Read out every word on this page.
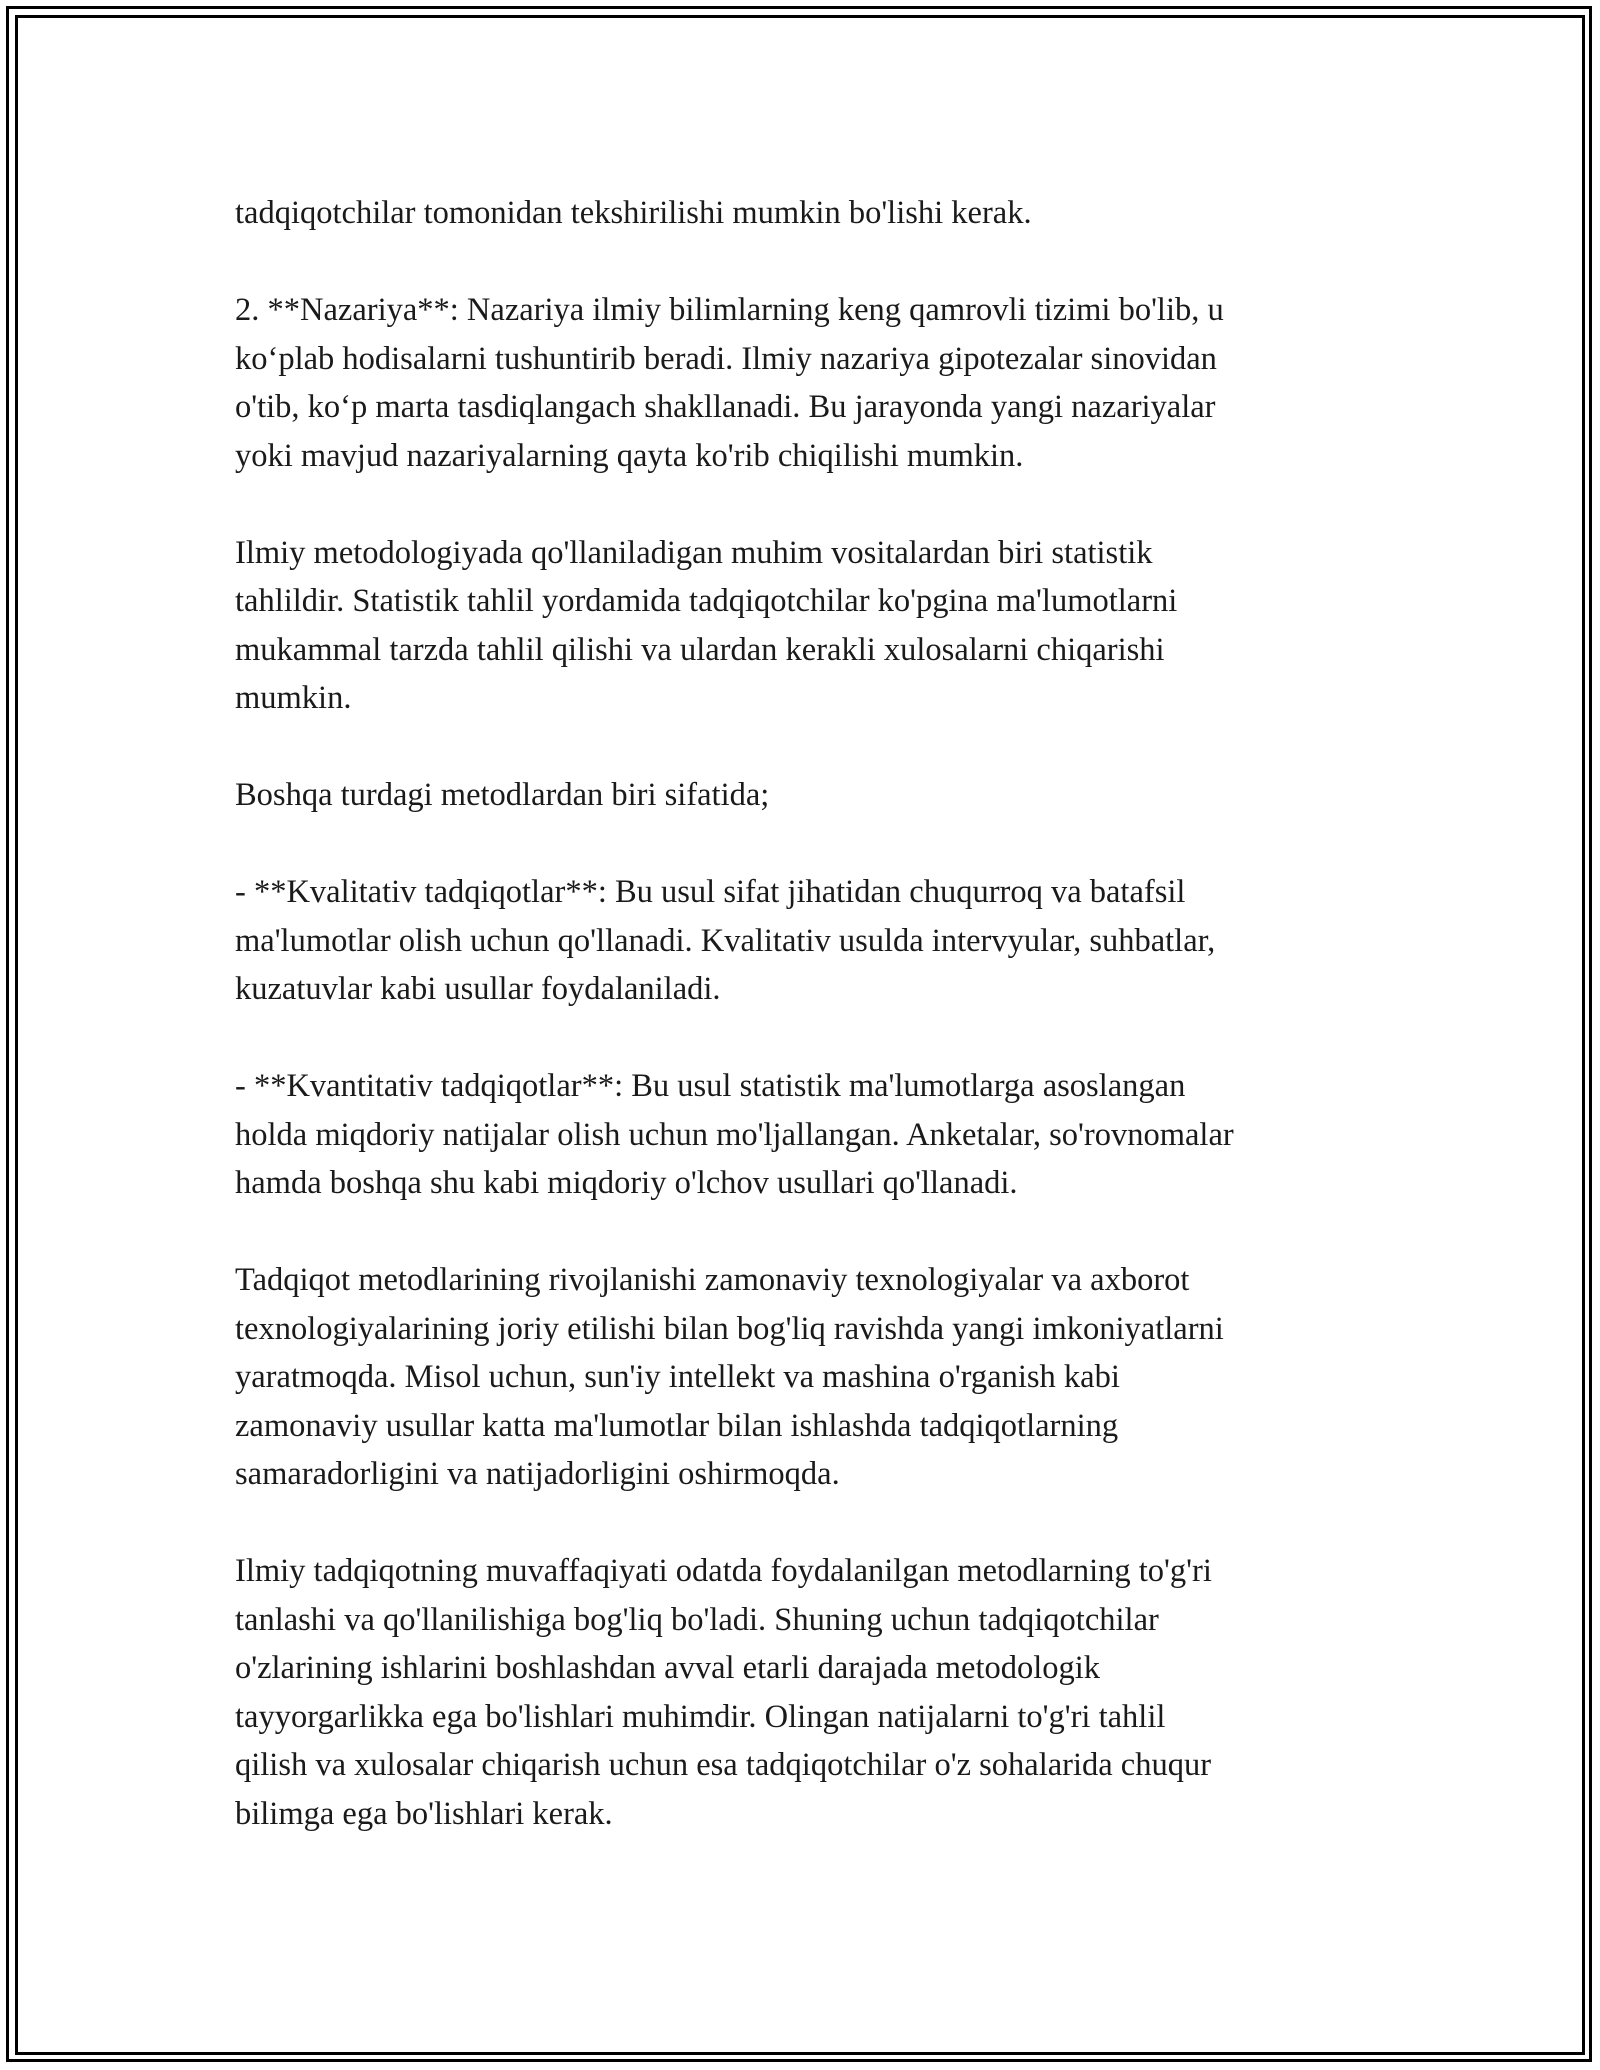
tadqiqotchilar tomonidan tekshirilishi mumkin bo'lishi kerak.

2. **Nazariya**: Nazariya ilmiy bilimlarning keng qamrovli tizimi bo'lib, u
ko‘plab hodisalarni tushuntirib beradi. Ilmiy nazariya gipotezalar sinovidan
o'tib, ko‘p marta tasdiqlangach shakllanadi. Bu jarayonda yangi nazariyalar
yoki mavjud nazariyalarning qayta ko'rib chiqilishi mumkin.

Ilmiy metodologiyada qo'llaniladigan muhim vositalardan biri statistik
tahlildir. Statistik tahlil yordamida tadqiqotchilar ko'pgina ma'lumotlarni
mukammal tarzda tahlil qilishi va ulardan kerakli xulosalarni chiqarishi
mumkin.

Boshqa turdagi metodlardan biri sifatida;

- **Kvalitativ tadqiqotlar**: Bu usul sifat jihatidan chuqurroq va batafsil
ma'lumotlar olish uchun qo'llanadi. Kvalitativ usulda intervyular, suhbatlar,
kuzatuvlar kabi usullar foydalaniladi.

- **Kvantitativ tadqiqotlar**: Bu usul statistik ma'lumotlarga asoslangan
holda miqdoriy natijalar olish uchun mo'ljallangan. Anketalar, so'rovnomalar
hamda boshqa shu kabi miqdoriy o'lchov usullari qo'llanadi.

Tadqiqot metodlarining rivojlanishi zamonaviy texnologiyalar va axborot
texnologiyalarining joriy etilishi bilan bog'liq ravishda yangi imkoniyatlarni
yaratmoqda. Misol uchun, sun'iy intellekt va mashina o'rganish kabi
zamonaviy usullar katta ma'lumotlar bilan ishlashda tadqiqotlarning
samaradorligini va natijadorligini oshirmoqda.

Ilmiy tadqiqotning muvaffaqiyati odatda foydalanilgan metodlarning to'g'ri
tanlashi va qo'llanilishiga bog'liq bo'ladi. Shuning uchun tadqiqotchilar
o'zlarining ishlarini boshlashdan avval etarli darajada metodologik
tayyorgarlikka ega bo'lishlari muhimdir. Olingan natijalarni to'g'ri tahlil
qilish va xulosalar chiqarish uchun esa tadqiqotchilar o'z sohalarida chuqur
bilimga ega bo'lishlari kerak.
